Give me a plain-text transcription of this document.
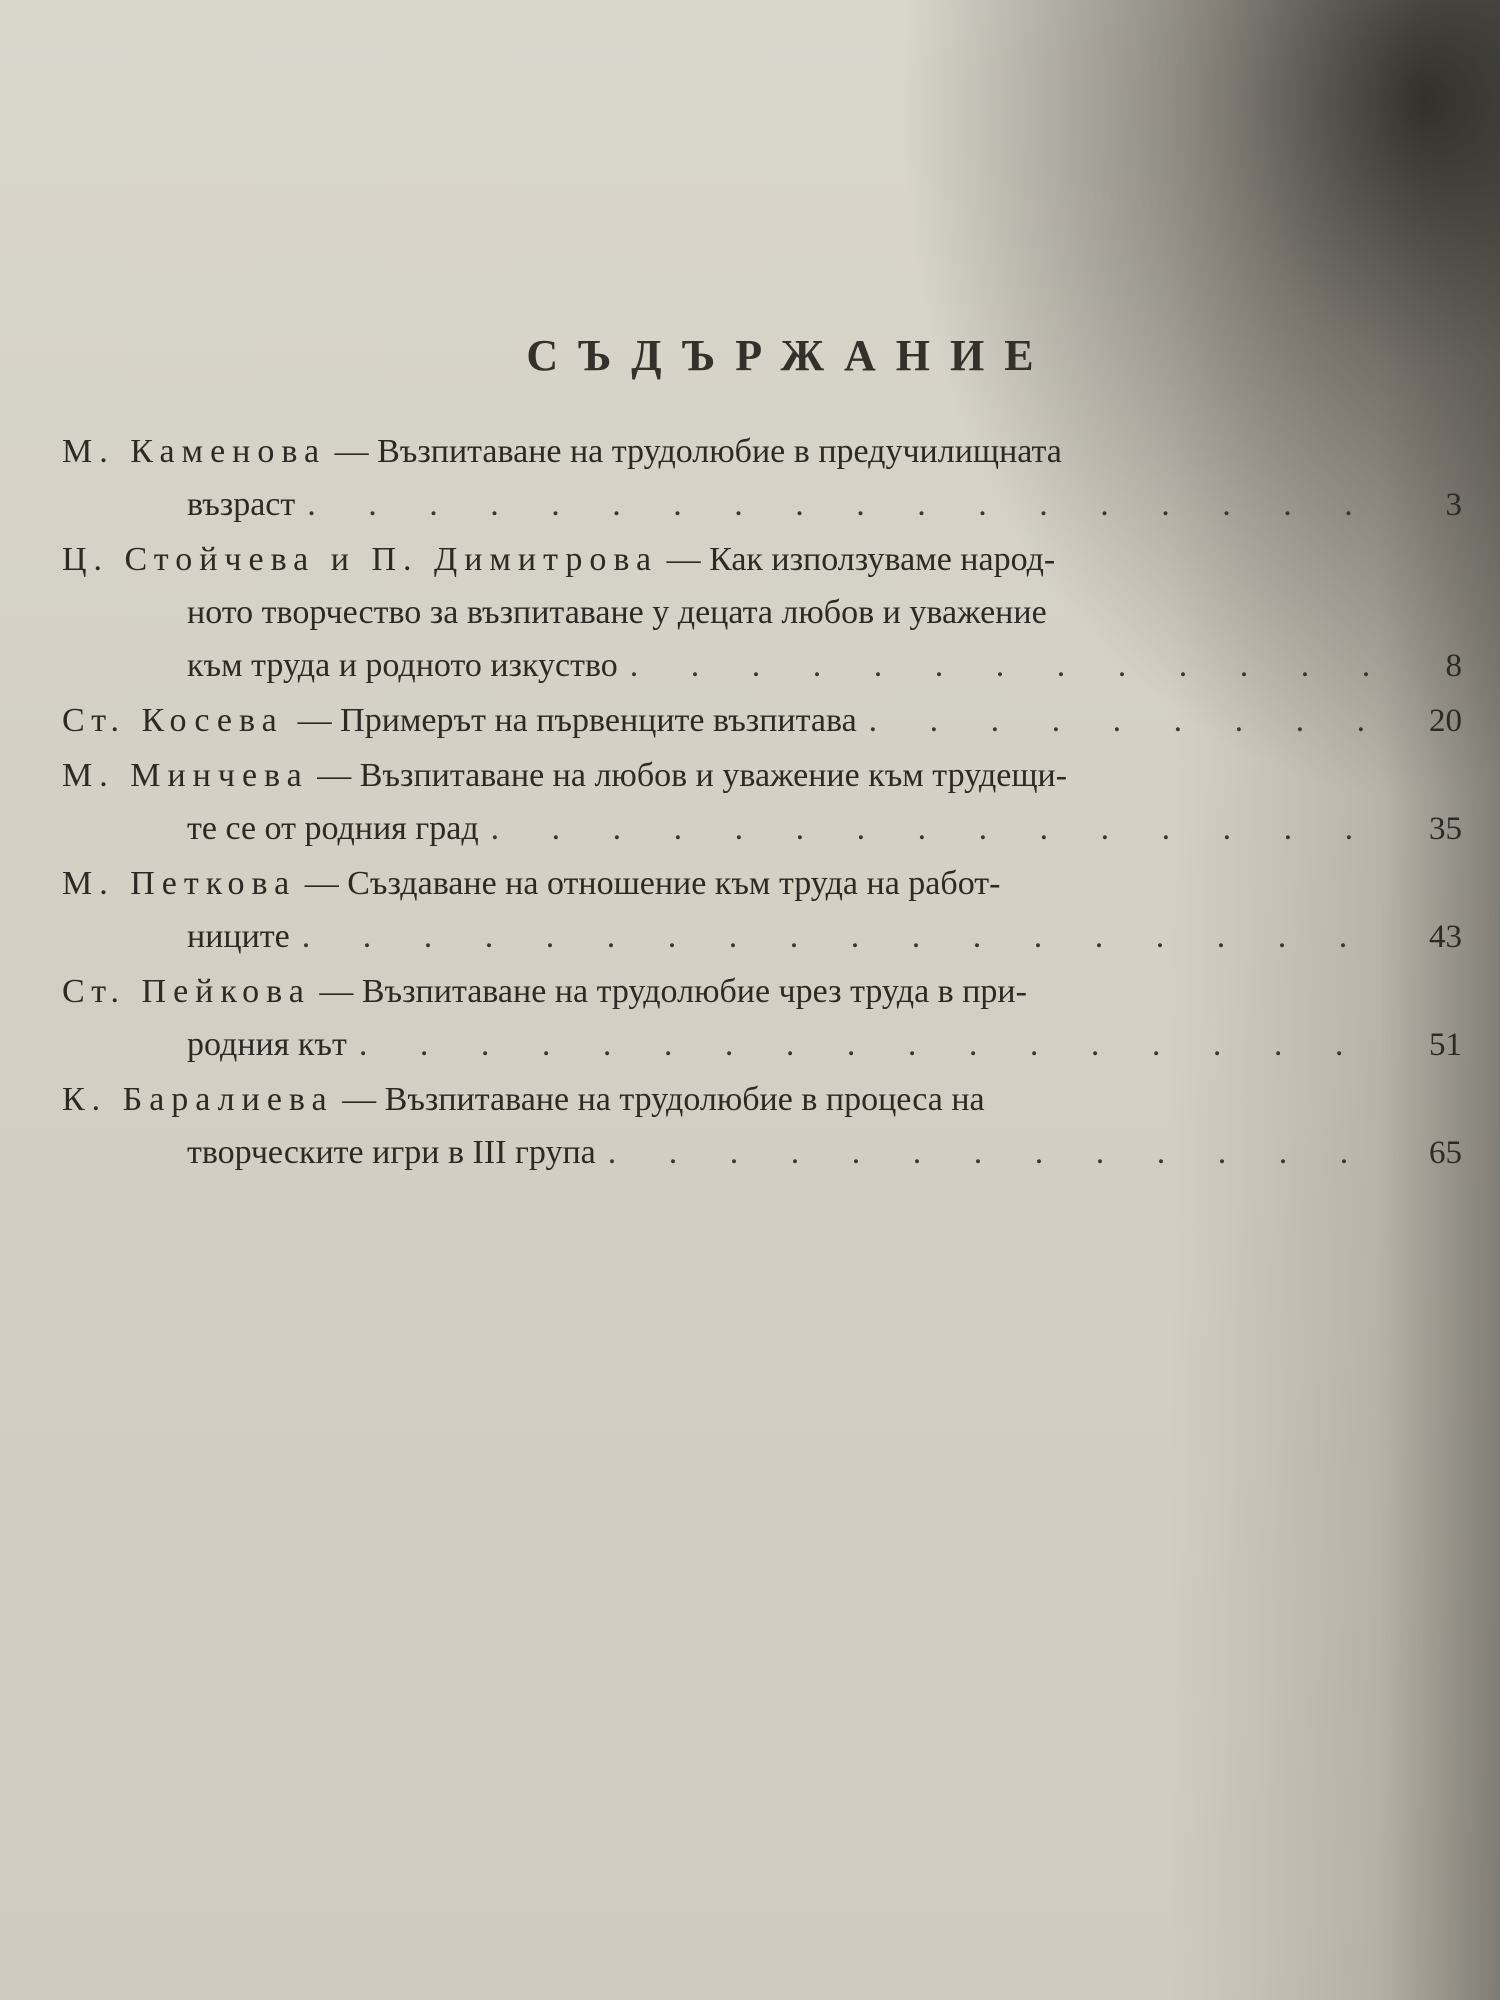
СЪДЪРЖАНИЕ
М. Каменова — Възпитаване на трудолюбие в предучилищната
възраст . . .	3
Ц. Стойчева и П. Димитрова — Как използуваме народ-
ното творчество за възпитаване у децата любов и уважение
към труда и родното изкуство . . .	8
Ст. Косева — Примерът на първенците възпитава . . .	20
М. Минчева — Възпитаване на любов и уважение към трудещи-
те се от родния град . . .	35
М. Петкова — Създаване на отношение към труда на работ-
ниците . . .	43
Ст. Пейкова — Възпитаване на трудолюбие чрез труда в при-
родния кът . . .	51
К. Баралиева — Възпитаване на трудолюбие в процеса на
творческите игри в III група . . .	65
